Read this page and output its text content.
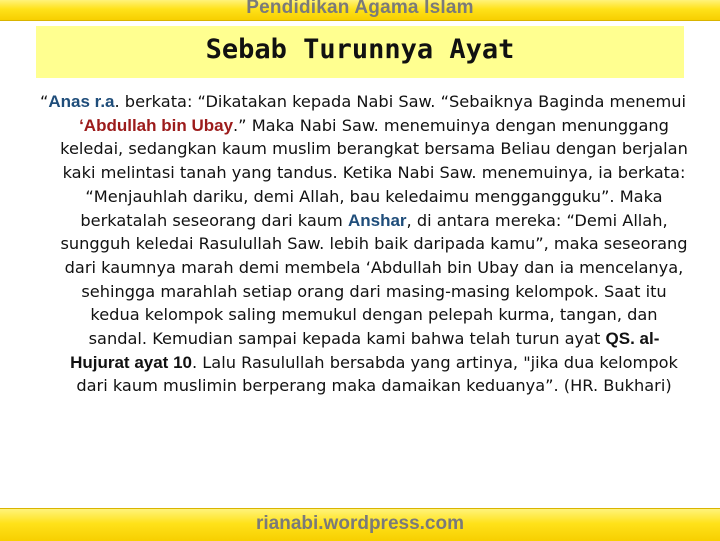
Pendidikan Agama Islam
Sebab Turunnya Ayat
“Anas r.a. berkata: “Dikatakan kepada Nabi Saw. “Sebaiknya Baginda menemui ‘Abdullah bin Ubay.” Maka Nabi Saw. menemuinya dengan menunggang keledai, sedangkan kaum muslim berangkat bersama Beliau dengan berjalan kaki melintasi tanah yang tandus. Ketika Nabi Saw. menemuinya, ia berkata: “Menjauhlah dariku, demi Allah, bau keledaimu menggangguku”. Maka berkatalah seseorang dari kaum Anshar, di antara mereka: “Demi Allah, sungguh keledai Rasulullah Saw. lebih baik daripada kamu”, maka seseorang dari kaumnya marah demi membela ‘Abdullah bin Ubay dan ia mencelanya, sehingga marahlah setiap orang dari masing-masing kelompok. Saat itu kedua kelompok saling memukul dengan pelepah kurma, tangan, dan sandal. Kemudian sampai kepada kami bahwa telah turun ayat QS. al-Hujurat ayat 10. Lalu Rasulullah bersabda yang artinya, "jika dua kelompok dari kaum muslimin berperang maka damaikan keduanya”. (HR. Bukhari)
rianabi.wordpress.com
